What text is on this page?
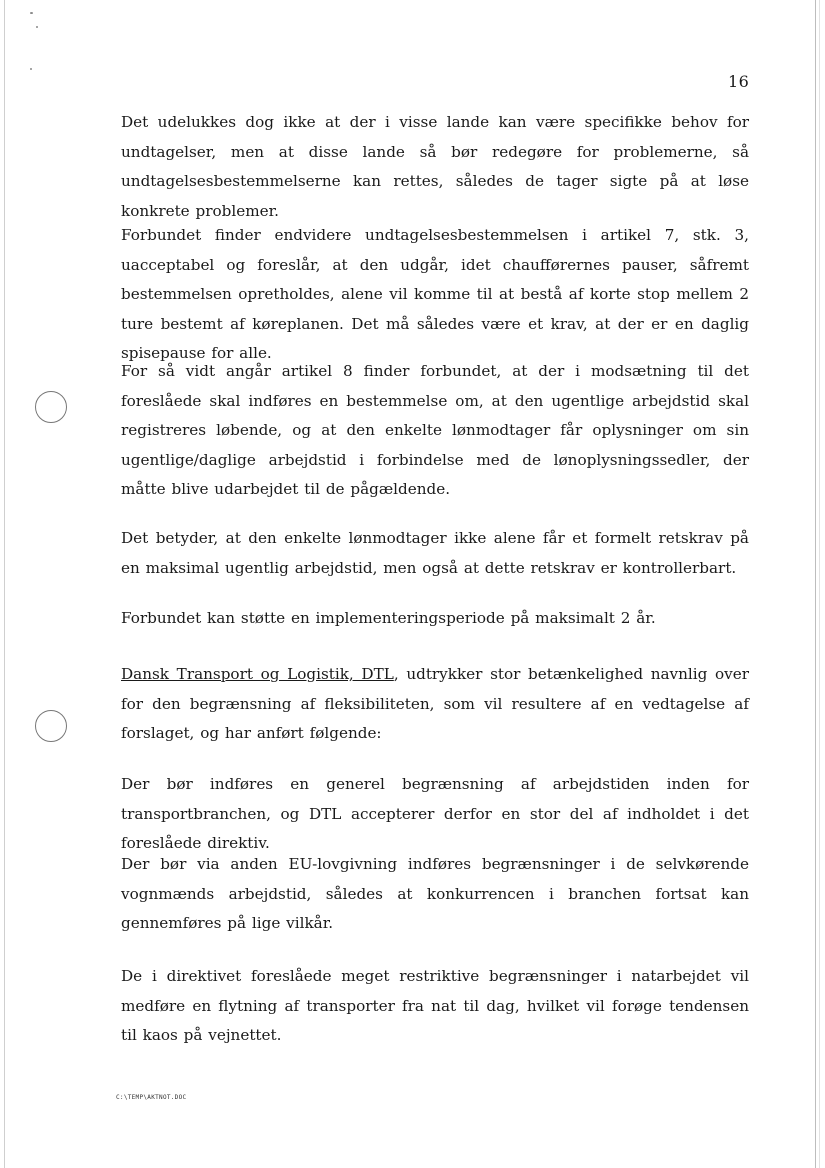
16

Det udelukkes dog ikke at der i visse lande kan være specifikke behov for undtagelser, men at disse lande så bør redegøre for problemerne, så undtagelsesbestemmelserne kan rettes, således de tager sigte på at løse konkrete problemer.

Forbundet finder endvidere undtagelsesbestemmelsen i artikel 7, stk. 3, uacceptabel og foreslår, at den udgår, idet chaufførernes pauser, såfremt bestemmelsen opretholdes, alene vil komme til at bestå af korte stop mellem 2 ture bestemt af køreplanen. Det må således være et krav, at der er en daglig spisepause for alle.

For så vidt angår artikel 8 finder forbundet, at der i modsætning til det foreslåede skal indføres en bestemmelse om, at den ugentlige arbejdstid skal registreres løbende, og at den enkelte lønmodtager får oplysninger om sin ugentlige/daglige arbejdstid i forbindelse med de lønoplysningssedler, der måtte blive udarbejdet til de pågældende.

Det betyder, at den enkelte lønmodtager ikke alene får et formelt retskrav på en maksimal ugentlig arbejdstid, men også at dette retskrav er kontrollerbart.

Forbundet kan støtte en implementeringsperiode på maksimalt 2 år.

Dansk Transport og Logistik, DTL, udtrykker stor betænkelighed navnlig over for den begrænsning af fleksibiliteten, som vil resultere af en vedtagelse af forslaget, og har anført følgende:

Der bør indføres en generel begrænsning af arbejdstiden inden for transportbranchen, og DTL accepterer derfor en stor del af indholdet i det foreslåede direktiv.

Der bør via anden EU-lovgivning indføres begrænsninger i de selvkørende vognmænds arbejdstid, således at konkurrencen i branchen fortsat kan gennemføres på lige vilkår.

De i direktivet foreslåede meget restriktive begrænsninger i natarbejdet vil medføre en flytning af transporter fra nat til dag, hvilket vil forøge tendensen til kaos på vejnettet.

C:\TEMP\AKTNOT.DOC
